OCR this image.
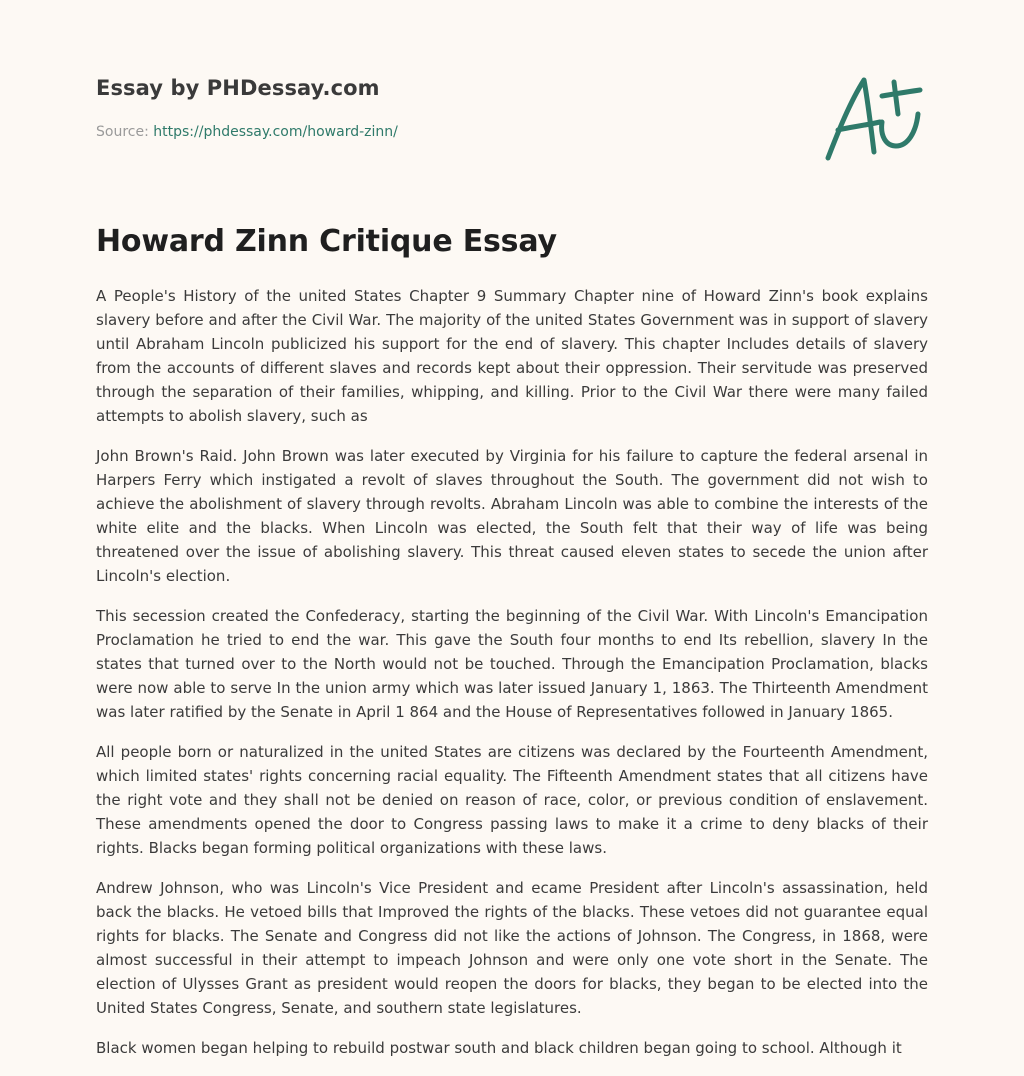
Essay by PHDessay.com

Source: https://phdessay.com/howard-zinn/

Howard Zinn Critique Essay

A People's History of the united States Chapter 9 Summary Chapter nine of Howard Zinn's book explains slavery before and after the Civil War. The majority of the united States Government was in support of slavery until Abraham Lincoln publicized his support for the end of slavery. This chapter Includes details of slavery from the accounts of different slaves and records kept about their oppression. Their servitude was preserved through the separation of their families, whipping, and killing. Prior to the Civil War there were many failed attempts to abolish slavery, such as

John Brown's Raid. John Brown was later executed by Virginia for his failure to capture the federal arsenal in Harpers Ferry which instigated a revolt of slaves throughout the South. The government did not wish to achieve the abolishment of slavery through revolts. Abraham Lincoln was able to combine the interests of the white elite and the blacks. When Lincoln was elected, the South felt that their way of life was being threatened over the issue of abolishing slavery. This threat caused eleven states to secede the union after Lincoln's election.

This secession created the Confederacy, starting the beginning of the Civil War. With Lincoln's Emancipation Proclamation he tried to end the war. This gave the South four months to end Its rebellion, slavery In the states that turned over to the North would not be touched. Through the Emancipation Proclamation, blacks were now able to serve In the union army which was later issued January 1, 1863. The Thirteenth Amendment was later ratified by the Senate in April 1 864 and the House of Representatives followed in January 1865.

All people born or naturalized in the united States are citizens was declared by the Fourteenth Amendment, which limited states' rights concerning racial equality. The Fifteenth Amendment states that all citizens have the right vote and they shall not be denied on reason of race, color, or previous condition of enslavement. These amendments opened the door to Congress passing laws to make it a crime to deny blacks of their rights. Blacks began forming political organizations with these laws.

Andrew Johnson, who was Lincoln's Vice President and ecame President after Lincoln's assassination, held back the blacks. He vetoed bills that Improved the rights of the blacks. These vetoes did not guarantee equal rights for blacks. The Senate and Congress did not like the actions of Johnson. The Congress, in 1868, were almost successful in their attempt to impeach Johnson and were only one vote short in the Senate. The election of Ulysses Grant as president would reopen the doors for blacks, they began to be elected into the United States Congress, Senate, and southern state legislatures.

Black women began helping to rebuild postwar south and black children began going to school. Although it
